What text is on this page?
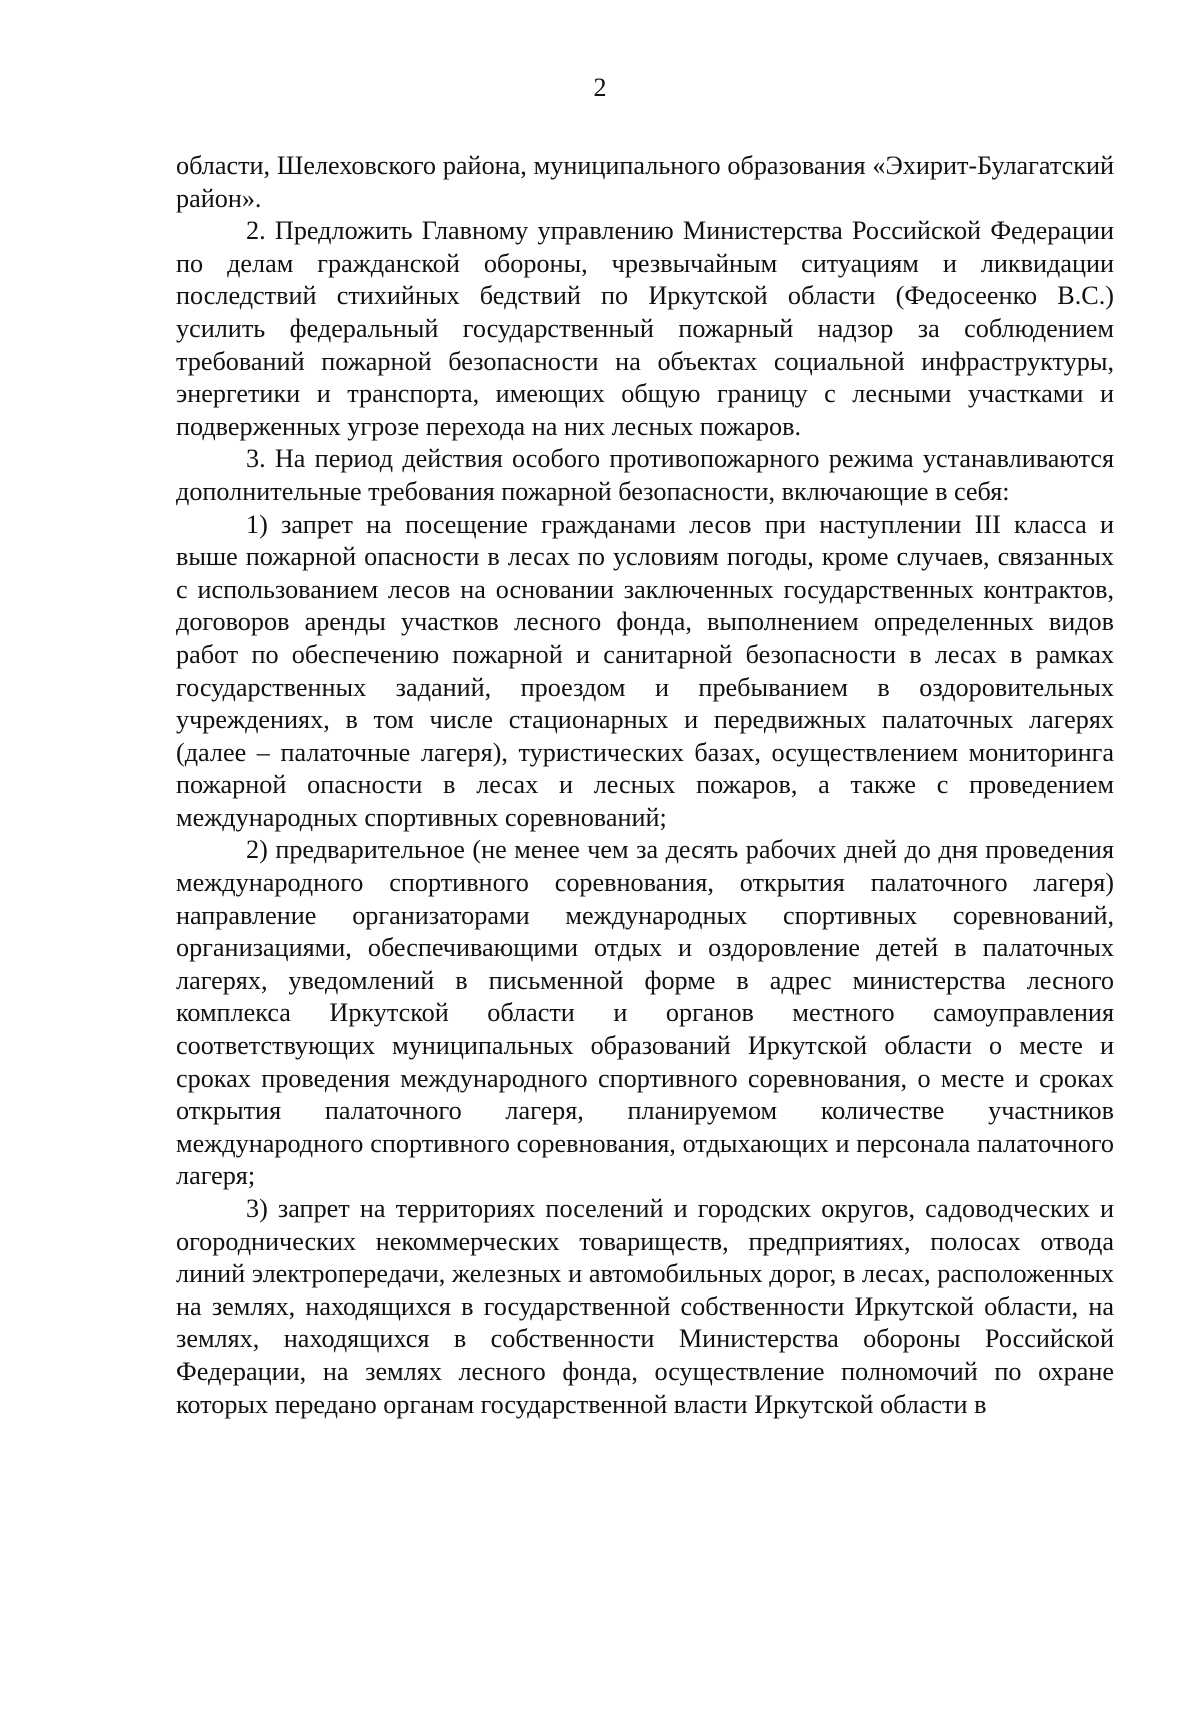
2

области, Шелеховского района, муниципального образования «Эхирит-Булагатский район».

2. Предложить Главному управлению Министерства Российской Федерации по делам гражданской обороны, чрезвычайным ситуациям и ликвидации последствий стихийных бедствий по Иркутской области (Федосеенко В.С.) усилить федеральный государственный пожарный надзор за соблюдением требований пожарной безопасности на объектах социальной инфраструктуры, энергетики и транспорта, имеющих общую границу с лесными участками и подверженных угрозе перехода на них лесных пожаров.

3. На период действия особого противопожарного режима устанавливаются дополнительные требования пожарной безопасности, включающие в себя:

1) запрет на посещение гражданами лесов при наступлении III класса и выше пожарной опасности в лесах по условиям погоды, кроме случаев, связанных с использованием лесов на основании заключенных государственных контрактов, договоров аренды участков лесного фонда, выполнением определенных видов работ по обеспечению пожарной и санитарной безопасности в лесах в рамках государственных заданий, проездом и пребыванием в оздоровительных учреждениях, в том числе стационарных и передвижных палаточных лагерях (далее – палаточные лагеря), туристических базах, осуществлением мониторинга пожарной опасности в лесах и лесных пожаров, а также с проведением международных спортивных соревнований;

2) предварительное (не менее чем за десять рабочих дней до дня проведения международного спортивного соревнования, открытия палаточного лагеря) направление организаторами международных спортивных соревнований, организациями, обеспечивающими отдых и оздоровление детей в палаточных лагерях, уведомлений в письменной форме в адрес министерства лесного комплекса Иркутской области и органов местного самоуправления соответствующих муниципальных образований Иркутской области о месте и сроках проведения международного спортивного соревнования, о месте и сроках открытия палаточного лагеря, планируемом количестве участников международного спортивного соревнования, отдыхающих и персонала палаточного лагеря;

3) запрет на территориях поселений и городских округов, садоводческих и огороднических некоммерческих товариществ, предприятиях, полосах отвода линий электропередачи, железных и автомобильных дорог, в лесах, расположенных на землях, находящихся в государственной собственности Иркутской области, на землях, находящихся в собственности Министерства обороны Российской Федерации, на землях лесного фонда, осуществление полномочий по охране которых передано органам государственной власти Иркутской области в
